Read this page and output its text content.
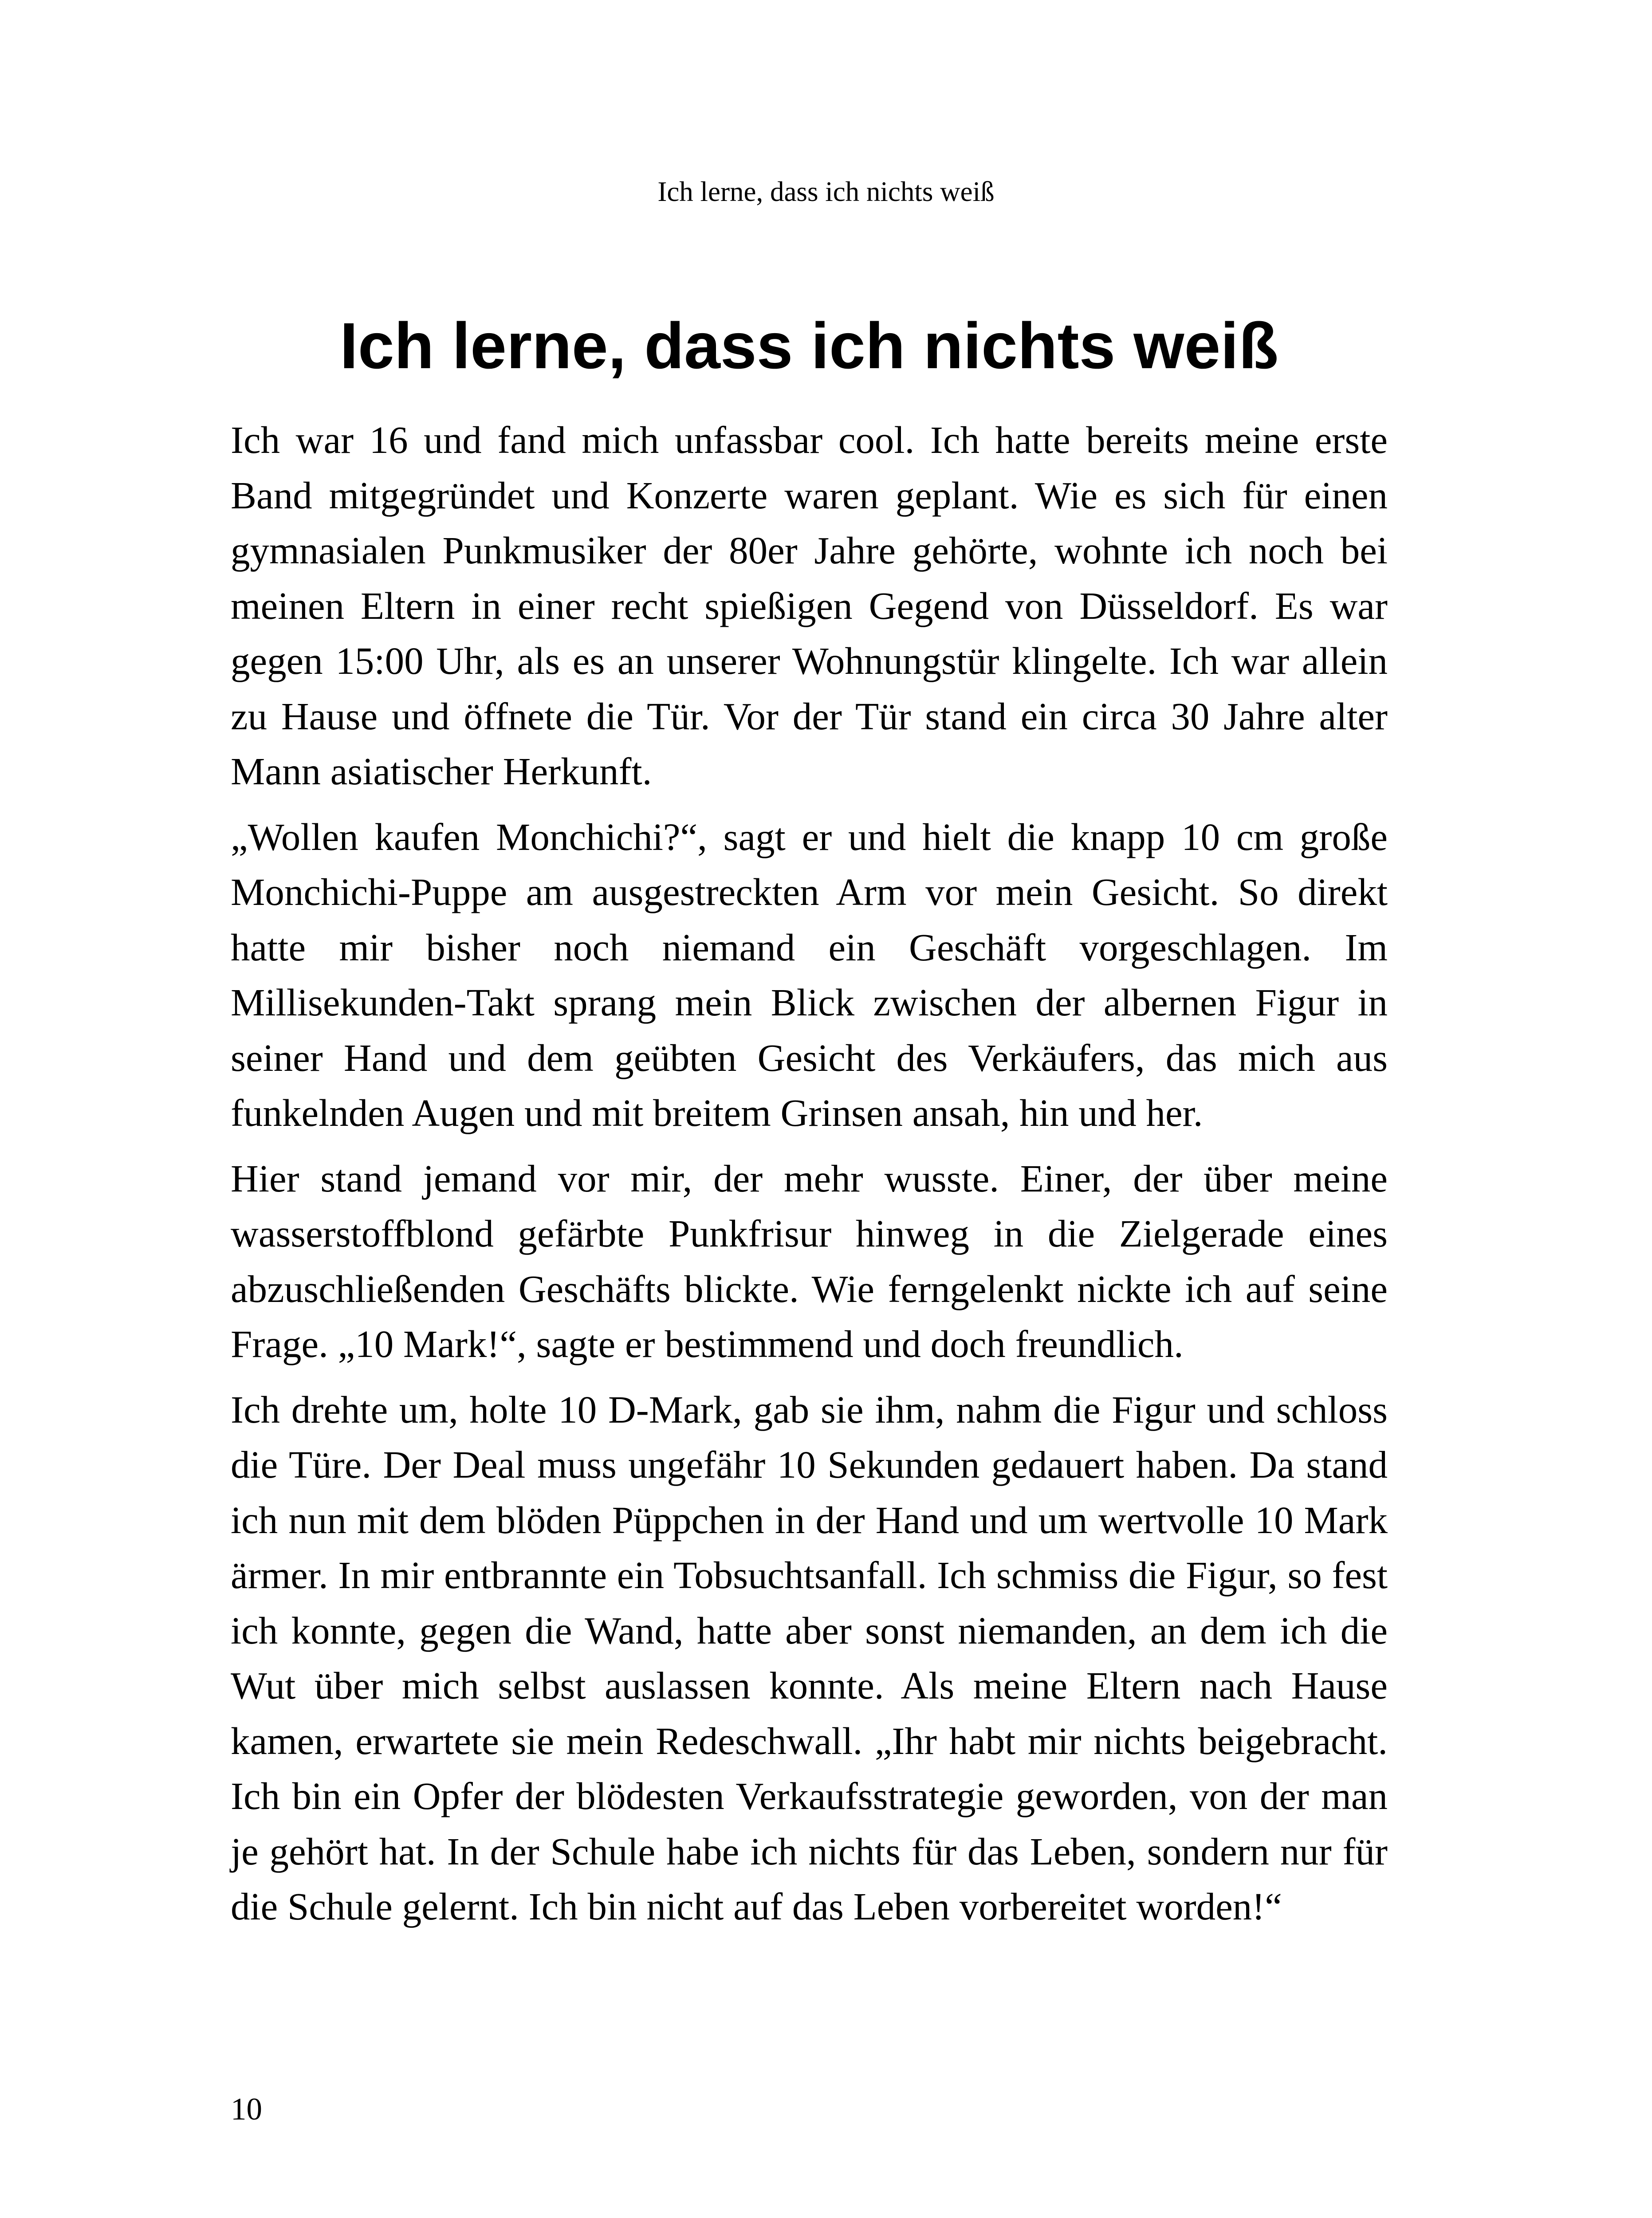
Ich lerne, dass ich nichts weiß
Ich lerne, dass ich nichts weiß

Ich war 16 und fand mich unfassbar cool. Ich hatte bereits meine erste Band mitgegründet und Konzerte waren geplant. Wie es sich für einen gymnasialen Punkmusiker der 80er Jahre gehörte, wohnte ich noch bei meinen Eltern in einer recht spießigen Gegend von Düsseldorf. Es war gegen 15:00 Uhr, als es an unserer Wohnungstür klingelte. Ich war allein zu Hause und öffnete die Tür. Vor der Tür stand ein circa 30 Jahre alter Mann asiatischer Herkunft.

„Wollen kaufen Monchichi?“, sagt er und hielt die knapp 10 cm große Monchichi-Puppe am ausgestreckten Arm vor mein Gesicht. So direkt hatte mir bisher noch niemand ein Geschäft vorgeschlagen. Im Millisekunden-Takt sprang mein Blick zwischen der albernen Figur in seiner Hand und dem geübten Gesicht des Verkäufers, das mich aus funkelnden Augen und mit breitem Grinsen ansah, hin und her.

Hier stand jemand vor mir, der mehr wusste. Einer, der über meine wasserstoffblond gefärbte Punkfrisur hinweg in die Zielgerade eines abzuschließenden Geschäfts blickte. Wie ferngelenkt nickte ich auf seine Frage. „10 Mark!“, sagte er bestimmend und doch freundlich.

Ich drehte um, holte 10 D-Mark, gab sie ihm, nahm die Figur und schloss die Türe. Der Deal muss ungefähr 10 Sekunden gedauert haben. Da stand ich nun mit dem blöden Püppchen in der Hand und um wertvolle 10 Mark ärmer. In mir entbrannte ein Tobsuchtsanfall. Ich schmiss die Figur, so fest ich konnte, gegen die Wand, hatte aber sonst niemanden, an dem ich die Wut über mich selbst auslassen konnte. Als meine Eltern nach Hause kamen, erwartete sie mein Redeschwall. „Ihr habt mir nichts beigebracht. Ich bin ein Opfer der blödesten Verkaufsstrategie geworden, von der man je gehört hat. In der Schule habe ich nichts für das Leben, sondern nur für die Schule gelernt. Ich bin nicht auf das Leben vorbereitet worden!“

10
